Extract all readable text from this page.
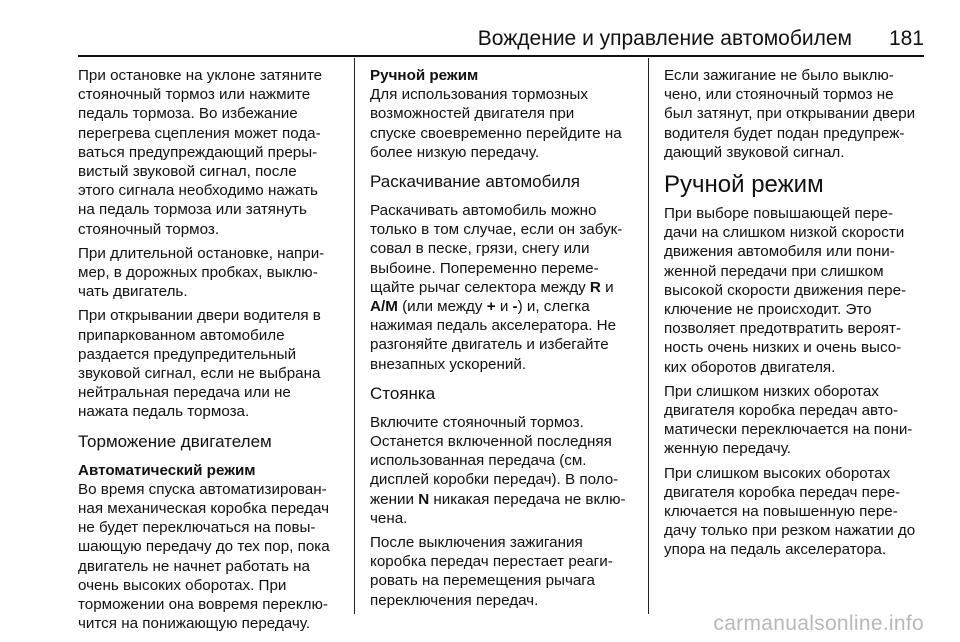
Вождение и управление автомобилем 181

При остановке на уклоне затяните
стояночный тормоз или нажмите
педаль тормоза. Во избежание
перегрева сцепления может пода-
ваться предупреждающий преры-
вистый звуковой сигнал, после
этого сигнала необходимо нажать
на педаль тормоза или затянуть
стояночный тормоз.

При длительной остановке, напри-
мер, в дорожных пробках, выклю-
чать двигатель.

При открывании двери водителя в
припаркованном автомобиле
раздается предупредительный
звуковой сигнал, если не выбрана
нейтральная передача или не
нажата педаль тормоза.

Торможение двигателем
Автоматический режим

Во время спуска автоматизирован-
ная механическая коробка передач
не будет переключаться на повы-
шающую передачу до тех пор, пока
двигатель не начнет работать на
очень высоких оборотах. При
торможении она вовремя переклю-
чится на понижающую передачу.

Ручной режим

Для использования тормозных
возможностей двигателя при
спуске своевременно перейдите на
более низкую передачу.

Раскачивание автомобиля

Раскачивать автомобиль можно
только в том случае, если он забук-
совал в песке, грязи, снегу или
выбоине. Попеременно переме-
щайте рычаг селектора между R и
A/M (или между + и -) и, слегка
нажимая педаль акселератора. Не
разгоняйте двигатель и избегайте
внезапных ускорений.

Стоянка

Включите стояночный тормоз.
Останется включенной последняя
использованная передача (см.
дисплей коробки передач). В поло-
жении N никакая передача не вклю-
чена.

После выключения зажигания
коробка передач перестает реаги-
ровать на перемещения рычага
переключения передач.

Если зажигание не было выклю-
чено, или стояночный тормоз не
был затянут, при открывании двери
водителя будет подан предупреж-
дающий звуковой сигнал.

Ручной режим

При выборе повышающей пере-
дачи на слишком низкой скорости
движения автомобиля или пони-
женной передачи при слишком
высокой скорости движения пере-
ключение не происходит. Это
позволяет предотвратить вероят-
ность очень низких и очень высо-
ких оборотов двигателя.

При слишком низких оборотах
двигателя коробка передач авто-
матически переключается на пони-
женную передачу.

При слишком высоких оборотах
двигателя коробка передач пере-
ключается на повышенную пере-
дачу только при резком нажатии до
упора на педаль акселератора.

carmanualsonline.info
